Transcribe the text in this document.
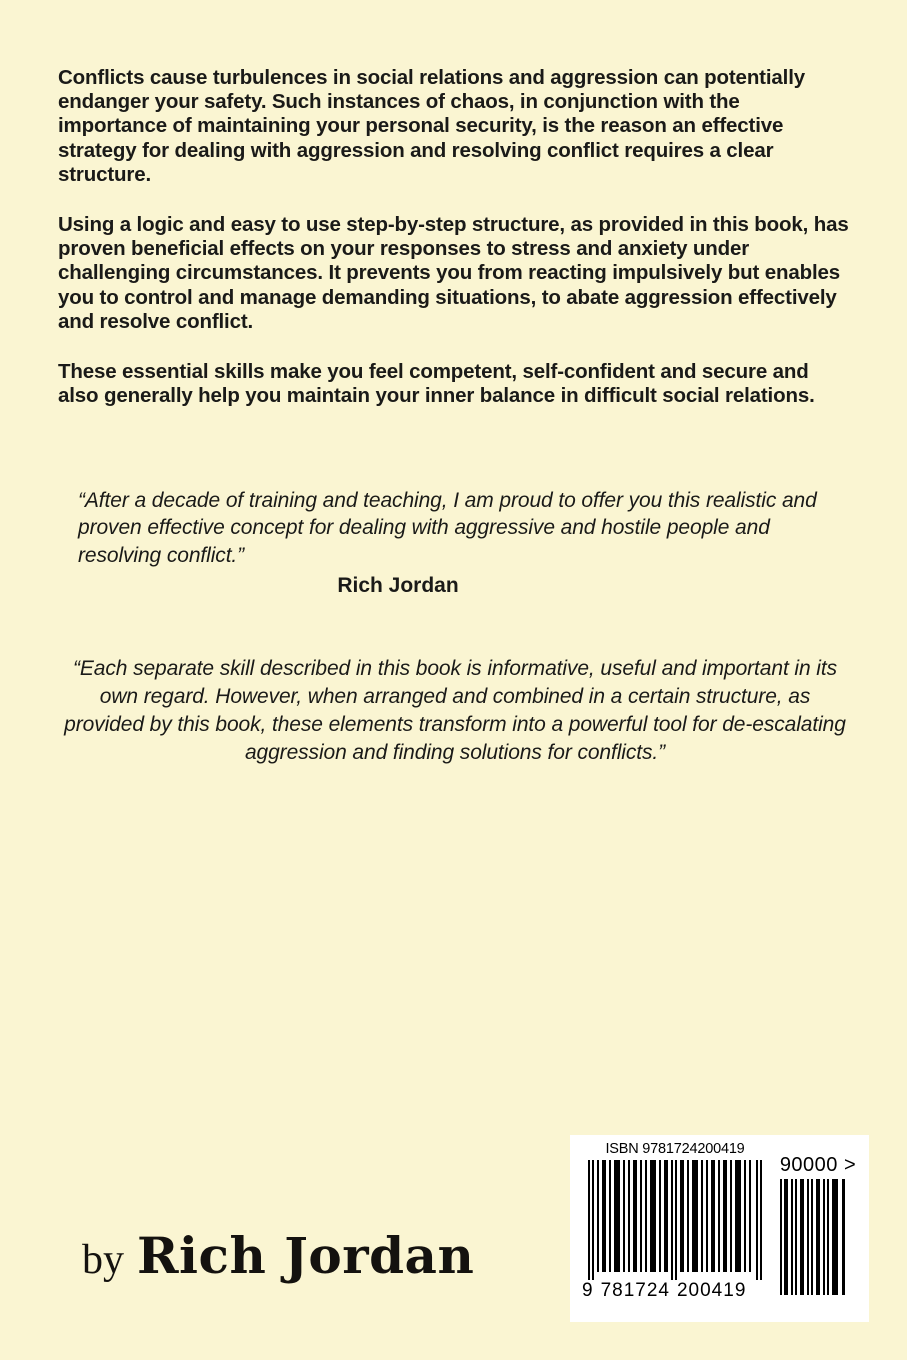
Conflicts cause turbulences in social relations and aggression can potentially endanger your safety. Such instances of chaos, in conjunction with the importance of maintaining your personal security, is the reason an effective strategy for dealing with aggression and resolving conflict requires a clear structure.

Using a logic and easy to use step-by-step structure, as provided in this book, has proven beneficial effects on your responses to stress and anxiety under challenging circumstances. It prevents you from reacting impulsively but enables you to control and manage demanding situations, to abate aggression effectively and resolve conflict.

These essential skills make you feel competent, self-confident and secure and also generally help you maintain your inner balance in difficult social relations.

“After a decade of training and teaching, I am proud to offer you this realistic and proven effective concept for dealing with aggressive and hostile people and resolving conflict.”
Rich Jordan
“Each separate skill described in this book is informative, useful and important in its own regard. However, when arranged and combined in a certain structure, as provided by this book, these elements transform into a powerful tool for de-escalating aggression and finding solutions for conflicts.”
by Rich Jordan
ISBN 9781724200419
9 781724 200419
90000 >
